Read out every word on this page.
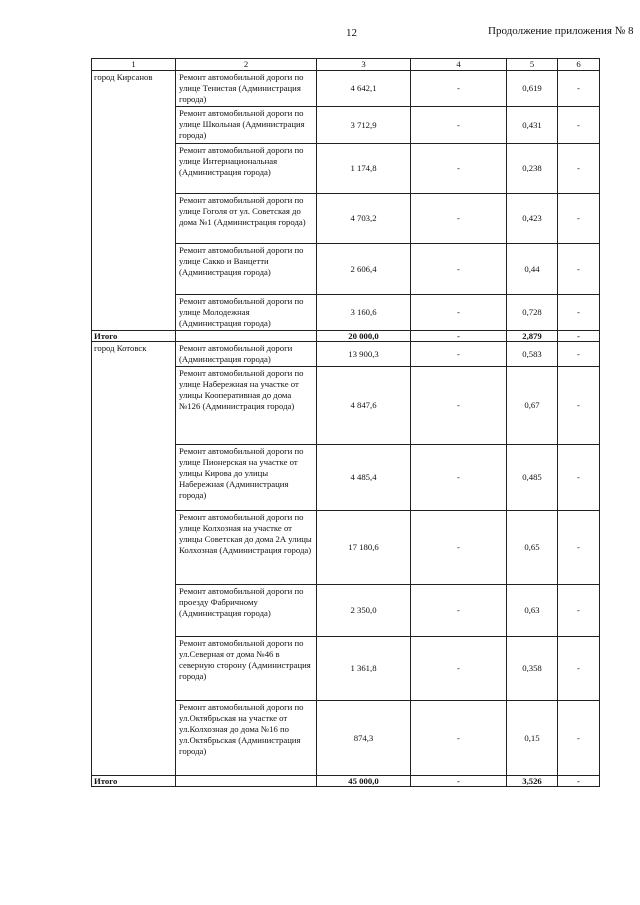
12	Продолжение приложения № 8
1	2	3	4	5	6
город Кирсанов	Ремонт автомобильной дороги по улице Тенистая (Администрация города)	4 642,1	-	0,619	-
	Ремонт автомобильной дороги по улице Школьная (Администрация города)	3 712,9	-	0,431	-
	Ремонт автомобильной дороги по улице Интернациональная (Администрация города)	1 174,8	-	0,238	-
	Ремонт автомобильной дороги по улице Гоголя от ул. Советская до дома №1 (Администрация города)	4 703,2	-	0,423	-
	Ремонт автомобильной дороги по улице Сакко и Ванцетти (Администрация города)	2 606,4	-	0,44	-
	Ремонт автомобильной дороги по улице Молодежная (Администрация города)	3 160,6	-	0,728	-
Итого		20 000,0	-	2,879	-
город Котовск	Ремонт автомобильной дороги (Администрация города)	13 900,3	-	0,583	-
	Ремонт автомобильной дороги по улице Набережная на участке от улицы Кооперативная до дома №126 (Администрация города)	4 847,6	-	0,67	-
	Ремонт автомобильной дороги по улице Пионерская на участке от улицы Кирова до улицы Набережная (Администрация города)	4 485,4	-	0,485	-
	Ремонт автомобильной дороги по улице Колхозная на участке от улицы Советская до дома 2А улицы Колхозная (Администрация города)	17 180,6	-	0,65	-
	Ремонт автомобильной дороги по проезду Фабричному (Администрация города)	2 350,0	-	0,63	-
	Ремонт автомобильной дороги по ул.Северная от дома №46 в северную сторону (Администрация города)	1 361,8	-	0,358	-
	Ремонт автомобильной дороги по ул.Октябрьская на участке от ул.Колхозная до дома №16 по ул.Октябрьская (Администрация города)	874,3	-	0,15	-
Итого		45 000,0	-	3,526	-
